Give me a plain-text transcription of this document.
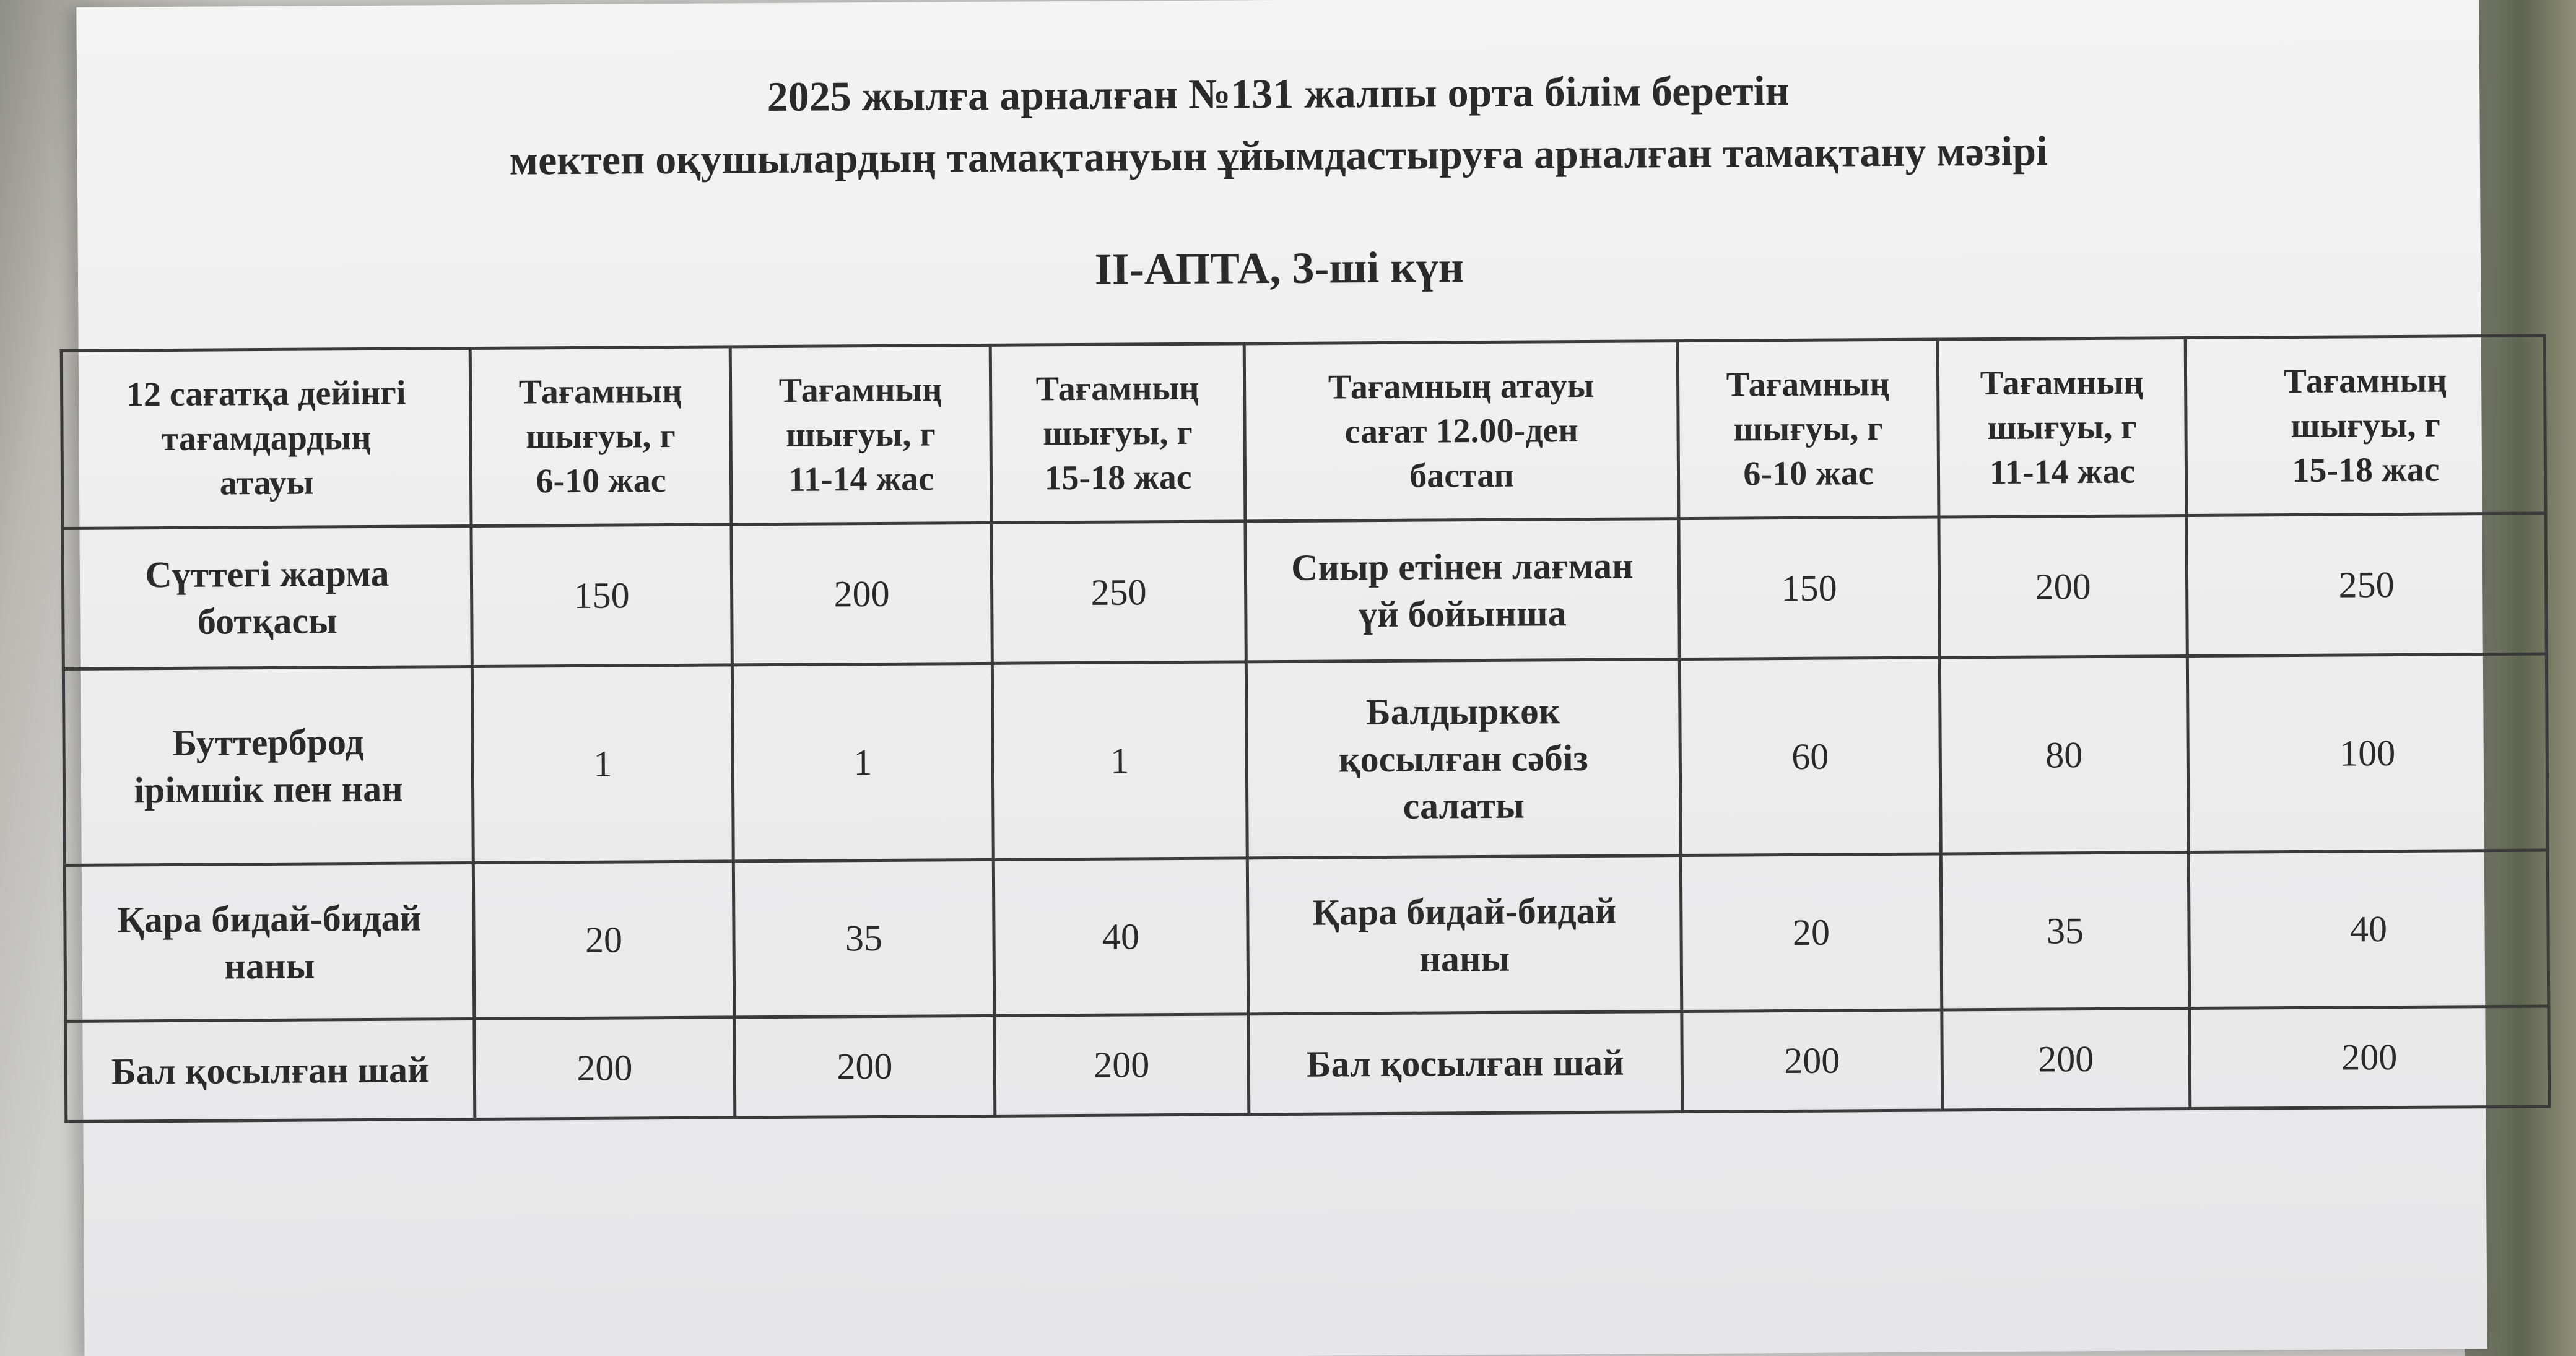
2025 жылға арналған №131 жалпы орта білім беретін
мектеп оқушылардың тамақтануын ұйымдастыруға арналған тамақтану мәзірі
II-АПТА, 3-ші күн
12 сағатқа дейінгі
тағамдардың
атауы	Тағамның
шығуы, г
6-10 жас	Тағамның
шығуы, г
11-14 жас	Тағамның
шығуы, г
15-18 жас	Тағамның атауы
сағат 12.00-ден
бастап	Тағамның
шығуы, г
6-10 жас	Тағамның
шығуы, г
11-14 жас	Тағамның
шығуы, г
15-18 жас
Сүттегі жарма
ботқасы	150	200	250	Сиыр етінен лағман
үй бойынша	150	200	250
Буттерброд
ірімшік пен нан	1	1	1	Балдыркөк
қосылған сәбіз
салаты	60	80	100
Қара бидай-бидай
наны	20	35	40	Қара бидай-бидай
наны	20	35	40
Бал қосылған шай	200	200	200	Бал қосылған шай	200	200	200
